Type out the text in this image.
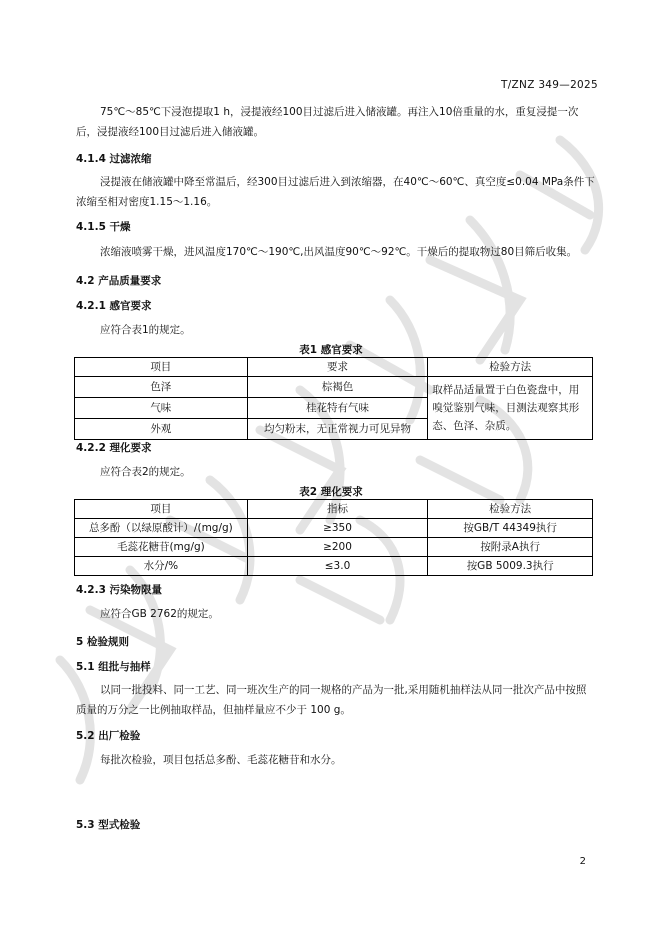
T/ZNZ 349—2025

75℃～85℃下浸泡提取1 h，浸提液经100目过滤后进入储液罐。再注入10倍重量的水，重复浸提一次后，浸提液经100目过滤后进入储液罐。

4.1.4 过滤浓缩

浸提液在储液罐中降至常温后，经300目过滤后进入到浓缩器，在40℃～60℃、真空度≤0.04 MPa条件下浓缩至相对密度1.15～1.16。

4.1.5 干燥

浓缩液喷雾干燥，进风温度170℃～190℃,出风温度90℃～92℃。干燥后的提取物过80目筛后收集。

4.2 产品质量要求

4.2.1 感官要求

应符合表1的规定。

表1 感官要求

项目	要求	检验方法
色泽	棕褐色	取样品适量置于白色瓷盘中，用嗅觉鉴别气味，目测法观察其形态、色泽、杂质。
气味	桂花特有气味	
外观	均匀粉末，无正常视力可见异物	

4.2.2 理化要求

应符合表2的规定。

表2 理化要求

项目	指标	检验方法
总多酚（以绿原酸计）/(mg/g)	≥350	按GB/T 44349执行
毛蕊花糖苷(mg/g)	≥200	按附录A执行
水分/%	≤3.0	按GB 5009.3执行

4.2.3 污染物限量

应符合GB 2762的规定。

5 检验规则

5.1 组批与抽样

以同一批投料、同一工艺、同一班次生产的同一规格的产品为一批,采用随机抽样法从同一批次产品中按照质量的万分之一比例抽取样品，但抽样量应不少于 100 g。

5.2 出厂检验

每批次检验，项目包括总多酚、毛蕊花糖苷和水分。

5.3 型式检验

2
